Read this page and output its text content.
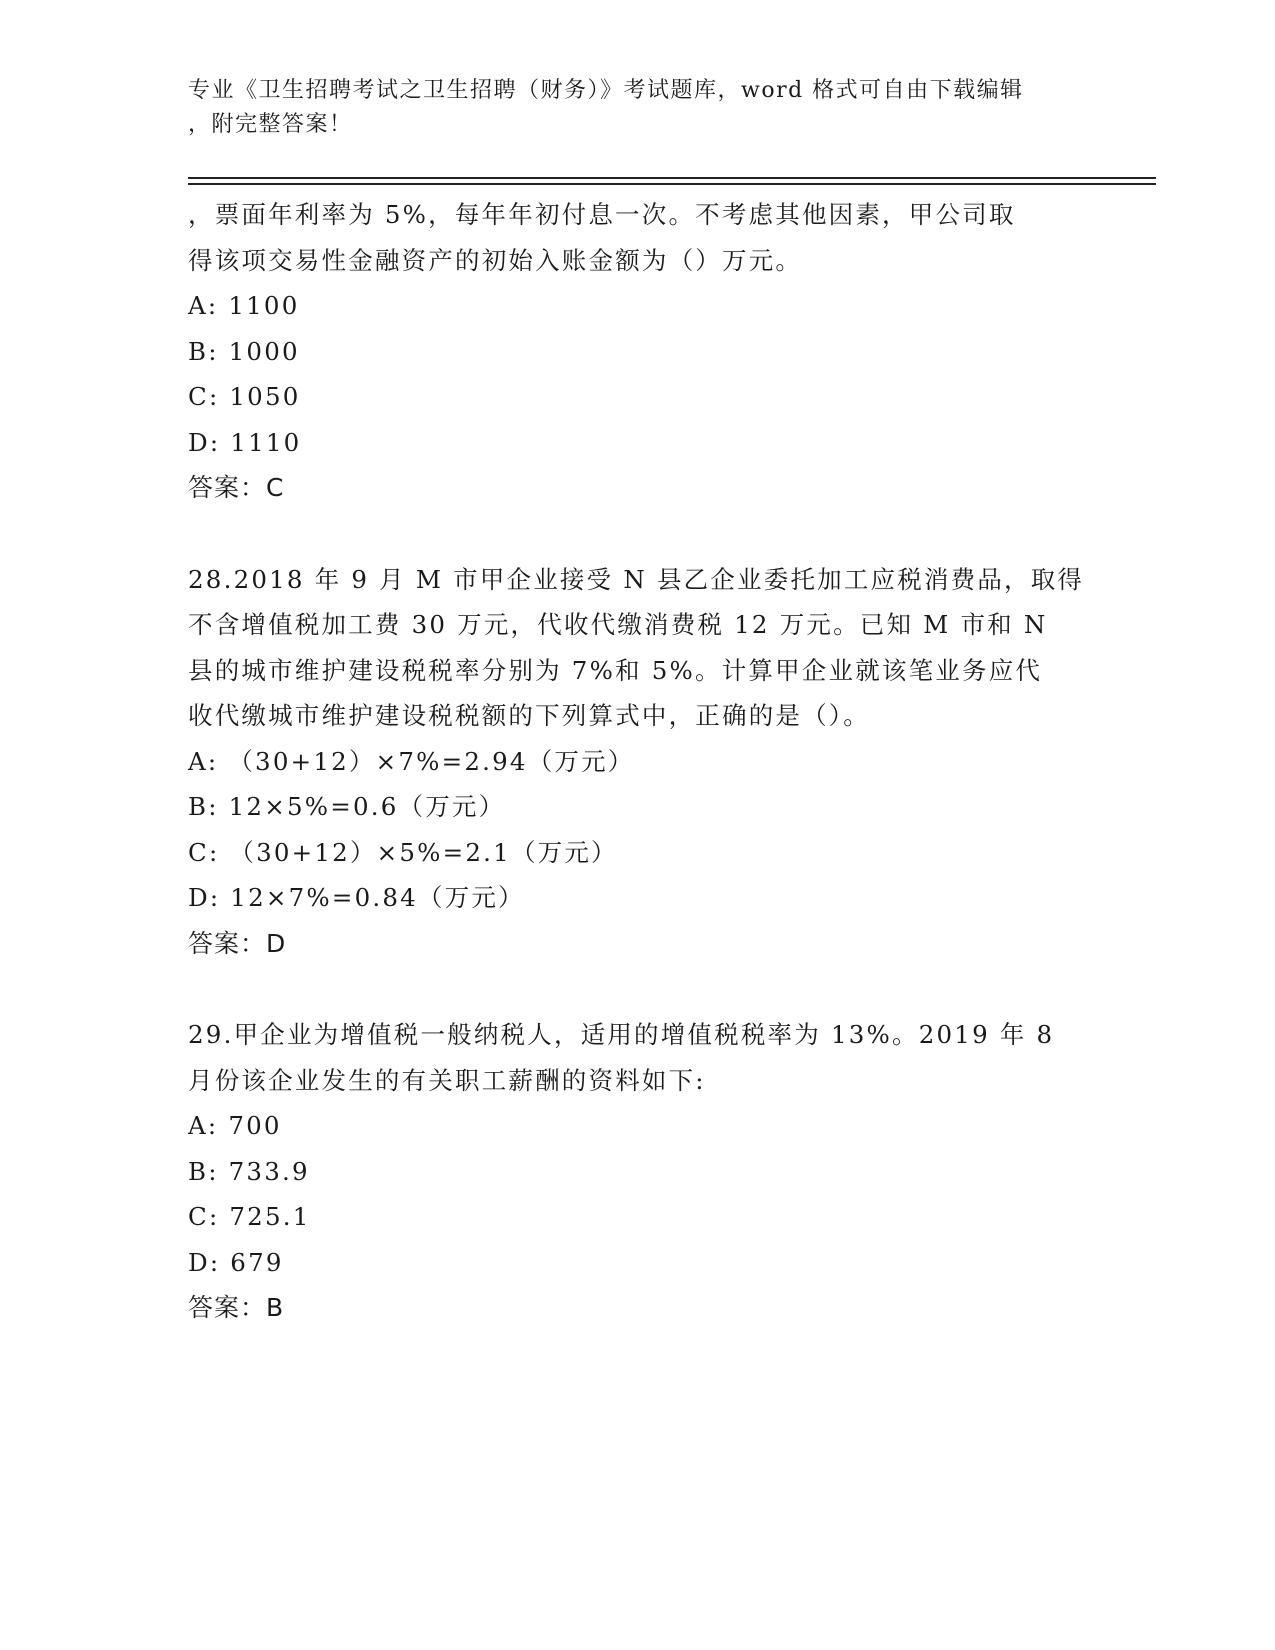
专业《卫生招聘考试之卫生招聘（财务）》考试题库，word 格式可自由下载编辑
，附完整答案！

，票面年利率为 5%，每年年初付息一次。不考虑其他因素，甲公司取
得该项交易性金融资产的初始入账金额为（）万元。

A: 1100

B: 1000

C: 1050

D: 1110

答案：C

28.2018 年 9 月 M 市甲企业接受 N 县乙企业委托加工应税消费品，取得
不含增值税加工费 30 万元，代收代缴消费税 12 万元。已知 M 市和 N
县的城市维护建设税税率分别为 7%和 5%。计算甲企业就该笔业务应代
收代缴城市维护建设税税额的下列算式中，正确的是（）。

A: （30+12）×7%=2.94（万元）

B: 12×5%=0.6（万元）

C: （30+12）×5%=2.1（万元）

D: 12×7%=0.84（万元）

答案：D

29.甲企业为增值税一般纳税人，适用的增值税税率为 13%。2019 年 8
月份该企业发生的有关职工薪酬的资料如下:

A: 700

B: 733.9

C: 725.1

D: 679

答案：B
